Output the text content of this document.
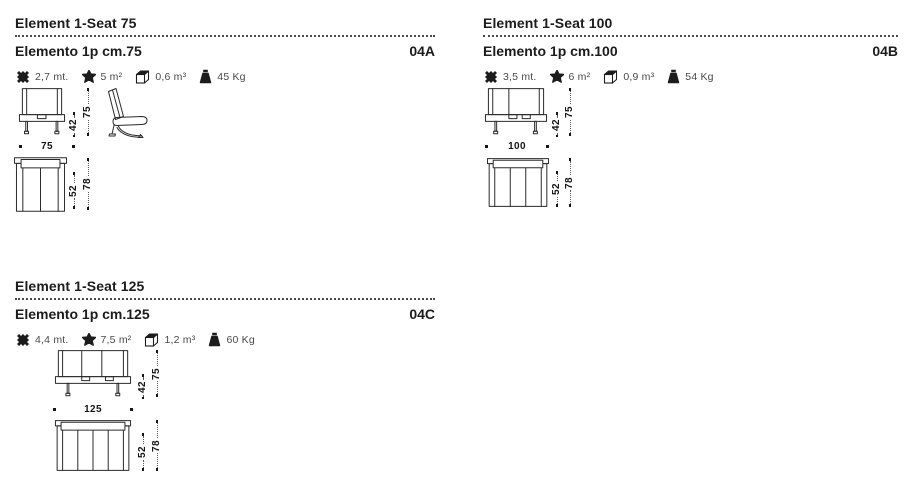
Element 1-Seat 75
Elemento 1p cm.75	04A
2,7 mt.	5 m²	0,6 m³	45 Kg
42
75
75
52
78
Element 1-Seat 100
Elemento 1p cm.100	04B
3,5 mt.	6 m²	0,9 m³	54 Kg
42
75
100
52
78
Element 1-Seat 125
Elemento 1p cm.125	04C
4,4 mt.	7,5 m²	1,2 m³	60 Kg
42
75
125
52
78
